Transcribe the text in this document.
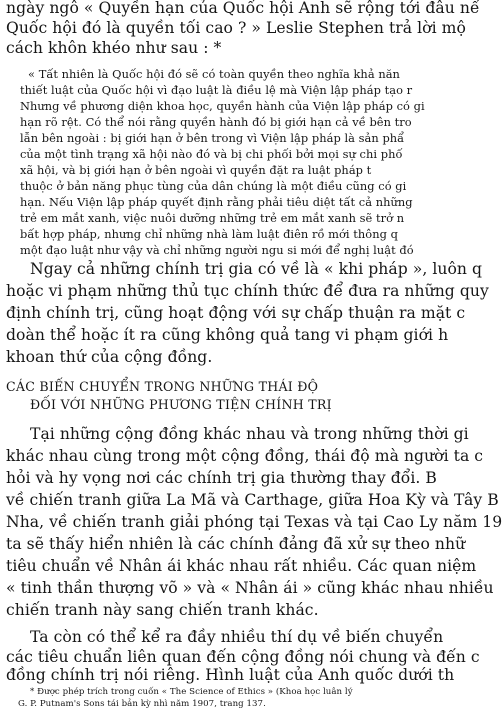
ngày ngô « Quyền hạn của Quốc hội Anh sẽ rộng tới đâu nế
Quốc hội đó là quyền tối cao ? » Leslie Stephen trả lời mộ
cách khôn khéo như sau : *
« Tất nhiên là Quốc hội đó sẽ có toàn quyền theo nghĩa khả năn
thiết luật của Quốc hội vì đạo luật là điều lệ mà Viện lập pháp tạo r
Nhưng về phương diện khoa học, quyền hành của Viện lập pháp có gi
hạn rõ rệt. Có thể nói rằng quyền hành đó bị giới hạn cả về bên tro
lẫn bên ngoài : bị giới hạn ở bên trong vì Viện lập pháp là sản phẩ
của một tình trạng xã hội nào đó và bị chi phối bởi mọi sự chi phố
xã hội, và bị giới hạn ở bên ngoài vì quyền đặt ra luật pháp t
thuộc ở bản năng phục tùng của dân chúng là một điều cũng có gi
hạn. Nếu Viện lập pháp quyết định rằng phải tiêu diệt tất cả những
trẻ em mắt xanh, việc nuôi dưỡng những trẻ em mắt xanh sẽ trở n
bất hợp pháp, nhưng chỉ những nhà làm luật điên rồ mới thông q
một đạo luật như vậy và chỉ những người ngu si mới để nghị luật đó
Ngay cả những chính trị gia có về là « khi pháp », luôn q
hoặc vi phạm những thủ tục chính thức để đưa ra những quy
định chính trị, cũng hoạt động với sự chấp thuận ra mặt c
doàn thể hoặc ít ra cũng không quả tang vi phạm giới h
khoan thứ của cộng đồng.
CÁC BIẾN CHUYỂN TRONG NHỮNG THÁI ĐỘ
ĐỐI VỚI NHỮNG PHƯƠNG TIỆN CHÍNH TRỊ
Tại những cộng đồng khác nhau và trong những thời gi
khác nhau cùng trong một cộng đồng, thái độ mà người ta c
hỏi và hy vọng nơi các chính trị gia thường thay đổi. B
về chiến tranh giữa La Mã và Carthage, giữa Hoa Kỳ và Tây B
Nha, về chiến tranh giải phóng tại Texas và tại Cao Ly năm 19
ta sẽ thấy hiển nhiên là các chính đảng đã xử sự theo nhữ
tiêu chuẩn về Nhân ái khác nhau rất nhiều. Các quan niệm
« tinh thần thượng võ » và « Nhân ái » cũng khác nhau nhiều
chiến tranh này sang chiến tranh khác.
Ta còn có thể kể ra đầy nhiều thí dụ về biến chuyển
các tiêu chuẩn liên quan đến cộng đồng nói chung và đến c
đồng chính trị nói riêng. Hình luật của Anh quốc dưới th
* Được phép trích trong cuốn « The Science of Ethics » (Khoa học luân lý
G. P. Putnam's Sons tái bản kỳ nhì năm 1907, trang 137.
